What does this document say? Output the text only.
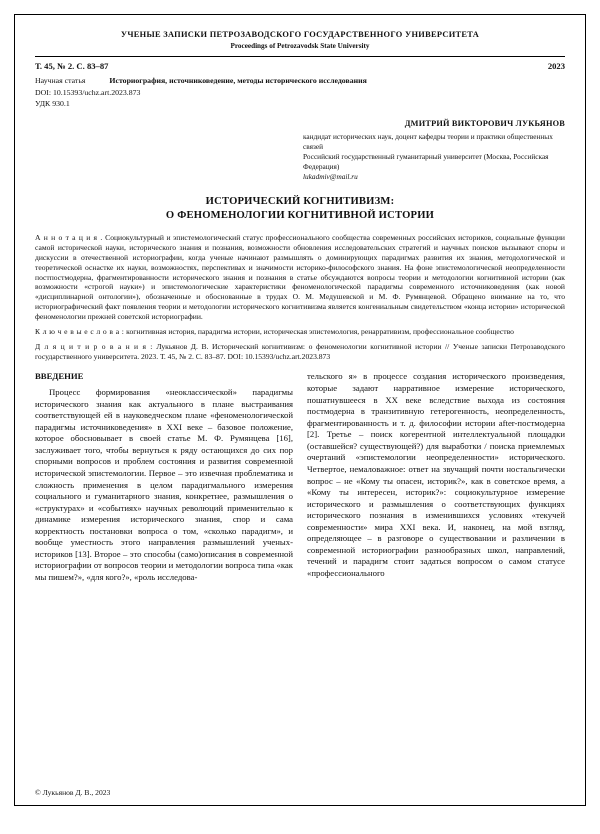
УЧЕНЫЕ ЗАПИСКИ ПЕТРОЗАВОДСКОГО ГОСУДАРСТВЕННОГО УНИВЕРСИТЕТА
Proceedings of Petrozavodsk State University
Т. 45, № 2. С. 83–87	2023
Научная статья	Историография, источниковедение, методы исторического исследования
DOI: 10.15393/uchz.art.2023.873
УДК 930.1
ДМИТРИЙ ВИКТОРОВИЧ ЛУКЬЯНОВ
кандидат исторических наук, доцент кафедры теории и практики общественных связей
Российский государственный гуманитарный университет (Москва, Российская Федерация)
lukadmiv@mail.ru
ИСТОРИЧЕСКИЙ КОГНИТИВИЗМ:
О ФЕНОМЕНОЛОГИИ КОГНИТИВНОЙ ИСТОРИИ
А н н о т а ц и я . Социокультурный и эпистемологический статус профессионального сообщества современных российских историков, социальные функции самой исторической науки, исторического знания и познания, возможности обновления исследовательских стратегий и научных поисков вызывают споры и дискуссии в отечественной историографии, когда ученые начинают размышлять о доминирующих парадигмах развития их знания, методологической и теоретической оснастке их науки, возможностях, перспективах и значимости историко-философского знания. На фоне эпистемологической неопределенности постпостмодерна, фрагментированности исторического знания и познания в статье обсуждаются вопросы теории и методологии когнитивной истории (как возможности «строгой науки») и эпистемологические характеристики феноменологической парадигмы современного источниковедения (как новой «дисциплинарной онтологии»), обозначенные и обоснованные в трудах О. М. Медушевской и М. Ф. Румянцевой. Обращено внимание на то, что историографический факт появления теории и методологии исторического когнитивизма является конгениальным свидетельством «конца истории» исторической феноменологии прежней советской историографии.
К л ю ч е в ы е с л о в а : когнитивная история, парадигма истории, историческая эпистемология, ренарративизм, профессиональное сообщество
Д л я ц и т и р о в а н и я : Лукьянов Д. В. Исторический когнитивизм: о феноменологии когнитивной истории // Ученые записки Петрозаводского государственного университета. 2023. Т. 45, № 2. С. 83–87. DOI: 10.15393/uchz.art.2023.873
ВВЕДЕНИЕ
Процесс формирования «неоклассической» парадигмы исторического знания как актуального в плане выстраивания соответствующей ей в науковедческом плане «феноменологической парадигмы источниковедения» в XXI веке – базовое положение, которое обосновывает в своей статье М. Ф. Румянцева [16], заслуживает того, чтобы вернуться к ряду остающихся до сих пор спорными вопросов и проблем состояния и развития современной исторической эпистемологии. Первое – это извечная проблематика и сложность применения в целом парадигмального измерения социального и гуманитарного знания, конкретнее, размышления о «структурах» и «событиях» научных революций применительно к динамике измерения исторического знания, спор и сама корректность постановки вопроса о том, «сколько парадигм», и вообще уместность этого направления размышлений ученых-историков [13]. Второе – это способы (само)описания в современной историографии от вопросов теории и методологии вопроса типа «как мы пишем?», «для кого?», «роль исследова-
тельского я» в процессе создания исторического произведения, которые задают нарративное измерение исторического, пошатнувшееся в XX веке вследствие выхода из состояния постмодерна в транзитивную гетерогенность, неопределенность, фрагментированность и т. д. философии истории after-постмодерна [2]. Третье – поиск когерентной интеллектуальной площадки (оставшейся? существующей?) для выработки / поиска приемлемых очертаний «эпистемологии неопределенности» исторического. Четвертое, немаловажное: ответ на звучащий почти ностальгически вопрос – не «Кому ты опасен, историк?», как в советское время, а «Кому ты интересен, историк?»: социокультурное измерение исторического и размышления о соответствующих функциях исторического познания в изменившихся условиях «текучей современности» мира XXI века. И, наконец, на мой взгляд, определяющее – в разговоре о существовании и различении в современной историографии разнообразных школ, направлений, течений и парадигм стоит задаться вопросом о самом статусе «профессионального
© Лукьянов Д. В., 2023
